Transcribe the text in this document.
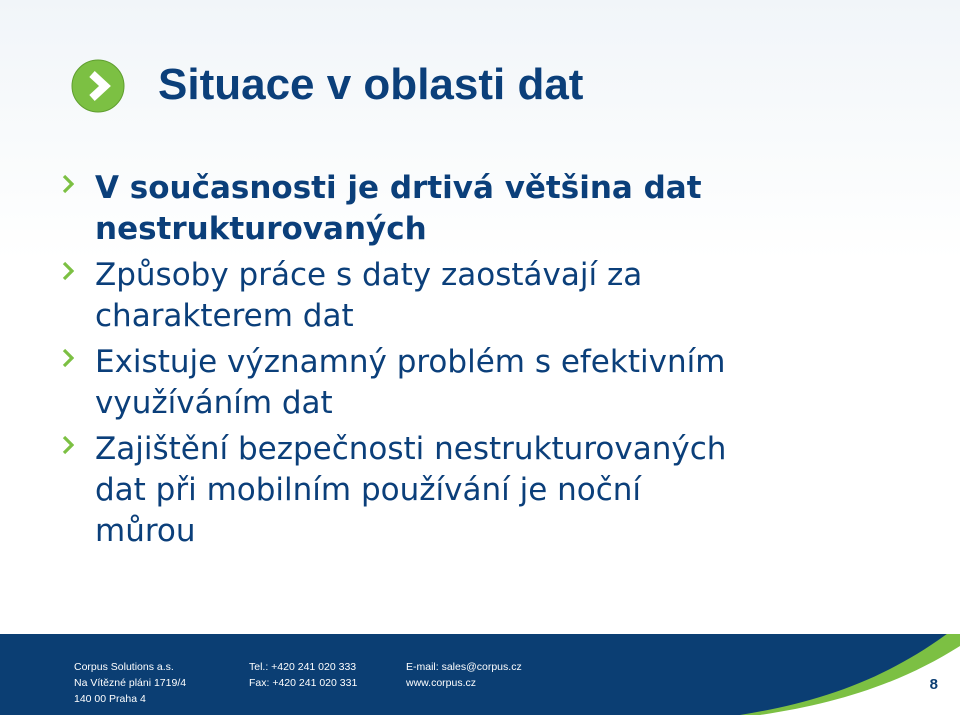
Situace v oblasti dat
V současnosti je drtivá většina dat
nestrukturovaných
Způsoby práce s daty zaostávají za
charakterem dat
Existuje významný problém s efektivním
využíváním dat
Zajištění bezpečnosti nestrukturovaných
dat při mobilním používání je noční
můrou
Corpus Solutions a.s.
Na Vítězné pláni 1719/4
140 00 Praha 4
Tel.: +420 241 020 333
Fax: +420 241 020 331
E-mail: sales@corpus.cz
www.corpus.cz	8
